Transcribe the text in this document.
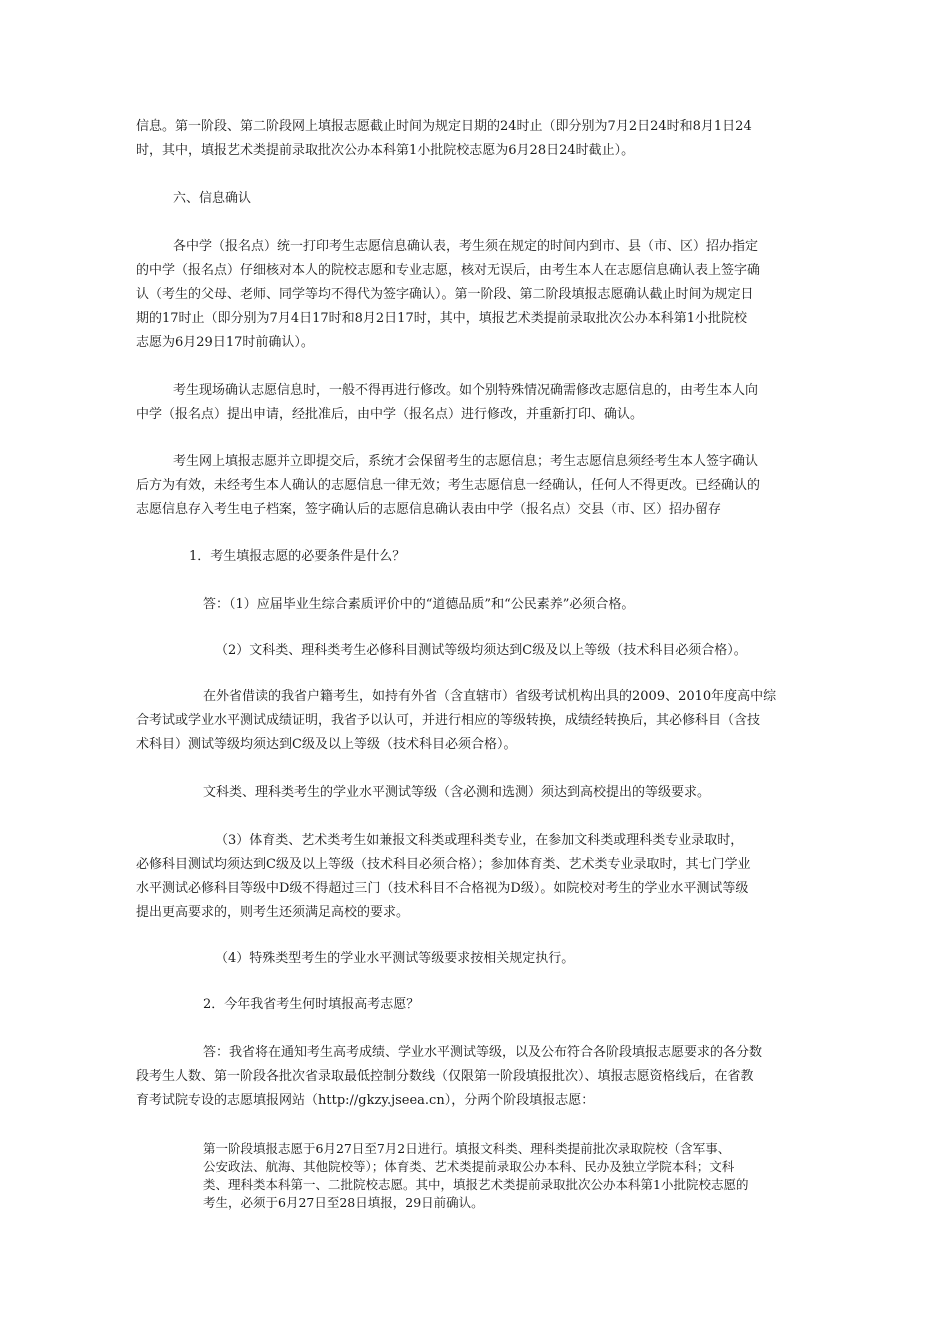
信息。第一阶段、第二阶段网上填报志愿截止时间为规定日期的24时止（即分别为7月2日24时和8月1日24
时，其中，填报艺术类提前录取批次公办本科第1小批院校志愿为6月28日24时截止）。
六、信息确认
各中学（报名点）统一打印考生志愿信息确认表，考生须在规定的时间内到市、县（市、区）招办指定
的中学（报名点）仔细核对本人的院校志愿和专业志愿，核对无误后，由考生本人在志愿信息确认表上签字确
认（考生的父母、老师、同学等均不得代为签字确认）。第一阶段、第二阶段填报志愿确认截止时间为规定日
期的17时止（即分别为7月4日17时和8月2日17时，其中，填报艺术类提前录取批次公办本科第1小批院校
志愿为6月29日17时前确认）。
考生现场确认志愿信息时，一般不得再进行修改。如个别特殊情况确需修改志愿信息的，由考生本人向
中学（报名点）提出申请，经批准后，由中学（报名点）进行修改，并重新打印、确认。
考生网上填报志愿并立即提交后，系统才会保留考生的志愿信息；考生志愿信息须经考生本人签字确认
后方为有效，未经考生本人确认的志愿信息一律无效；考生志愿信息一经确认，任何人不得更改。已经确认的
志愿信息存入考生电子档案，签字确认后的志愿信息确认表由中学（报名点）交县（市、区）招办留存
1．考生填报志愿的必要条件是什么？
答：（1）应届毕业生综合素质评价中的“道德品质”和“公民素养”必须合格。
（2）文科类、理科类考生必修科目测试等级均须达到C级及以上等级（技术科目必须合格）。
在外省借读的我省户籍考生，如持有外省（含直辖市）省级考试机构出具的2009、2010年度高中综
合考试或学业水平测试成绩证明，我省予以认可，并进行相应的等级转换，成绩经转换后，其必修科目（含技
术科目）测试等级均须达到C级及以上等级（技术科目必须合格）。
文科类、理科类考生的学业水平测试等级（含必测和选测）须达到高校提出的等级要求。
（3）体育类、艺术类考生如兼报文科类或理科类专业，在参加文科类或理科类专业录取时，
必修科目测试均须达到C级及以上等级（技术科目必须合格）；参加体育类、艺术类专业录取时，其七门学业
水平测试必修科目等级中D级不得超过三门（技术科目不合格视为D级）。如院校对考生的学业水平测试等级
提出更高要求的，则考生还须满足高校的要求。
（4）特殊类型考生的学业水平测试等级要求按相关规定执行。
2．今年我省考生何时填报高考志愿？
答：我省将在通知考生高考成绩、学业水平测试等级，以及公布符合各阶段填报志愿要求的各分数
段考生人数、第一阶段各批次省录取最低控制分数线（仅限第一阶段填报批次）、填报志愿资格线后，在省教
育考试院专设的志愿填报网站（http://gkzy.jseea.cn），分两个阶段填报志愿：
第一阶段填报志愿于6月27日至7月2日进行。填报文科类、理科类提前批次录取院校（含军事、
公安政法、航海、其他院校等）；体育类、艺术类提前录取公办本科、民办及独立学院本科；文科
类、理科类本科第一、二批院校志愿。其中，填报艺术类提前录取批次公办本科第1小批院校志愿的
考生，必须于6月27日至28日填报，29日前确认。
